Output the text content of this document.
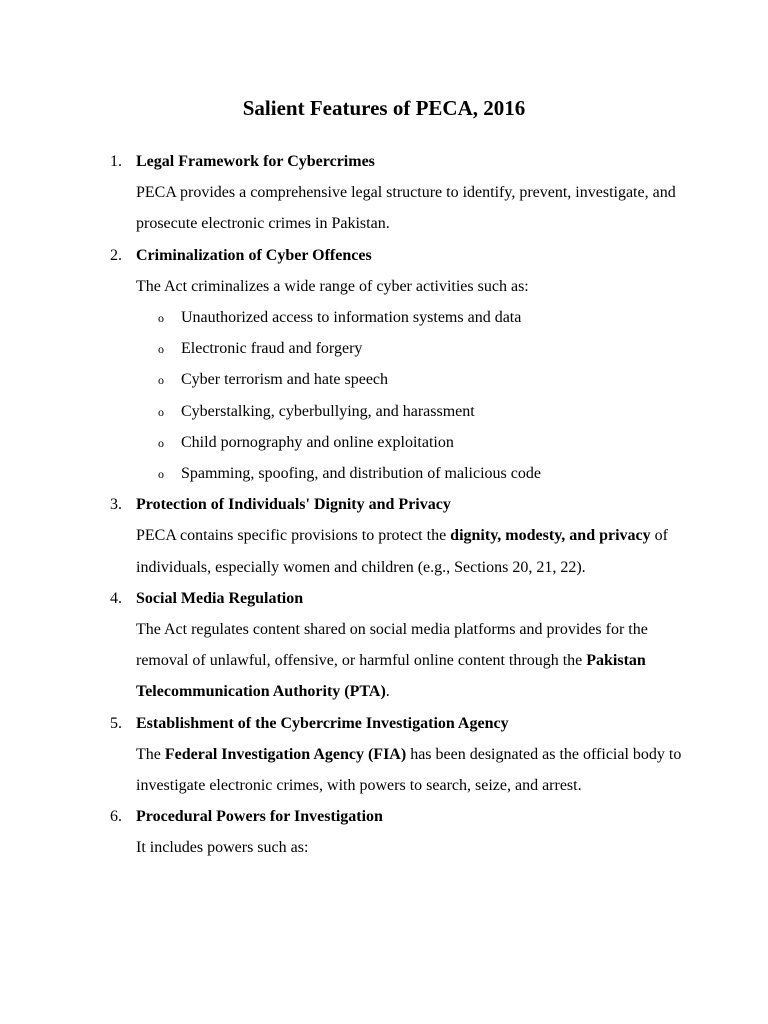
Salient Features of PECA, 2016
1. Legal Framework for Cybercrimes

PECA provides a comprehensive legal structure to identify, prevent, investigate, and prosecute electronic crimes in Pakistan.

2. Criminalization of Cyber Offences

The Act criminalizes a wide range of cyber activities such as:

o Unauthorized access to information systems and data
o Electronic fraud and forgery
o Cyber terrorism and hate speech
o Cyberstalking, cyberbullying, and harassment
o Child pornography and online exploitation
o Spamming, spoofing, and distribution of malicious code
3. Protection of Individuals' Dignity and Privacy

PECA contains specific provisions to protect the dignity, modesty, and privacy of individuals, especially women and children (e.g., Sections 20, 21, 22).

4. Social Media Regulation

The Act regulates content shared on social media platforms and provides for the removal of unlawful, offensive, or harmful online content through the Pakistan Telecommunication Authority (PTA).

5. Establishment of the Cybercrime Investigation Agency

The Federal Investigation Agency (FIA) has been designated as the official body to investigate electronic crimes, with powers to search, seize, and arrest.

6. Procedural Powers for Investigation

It includes powers such as:
